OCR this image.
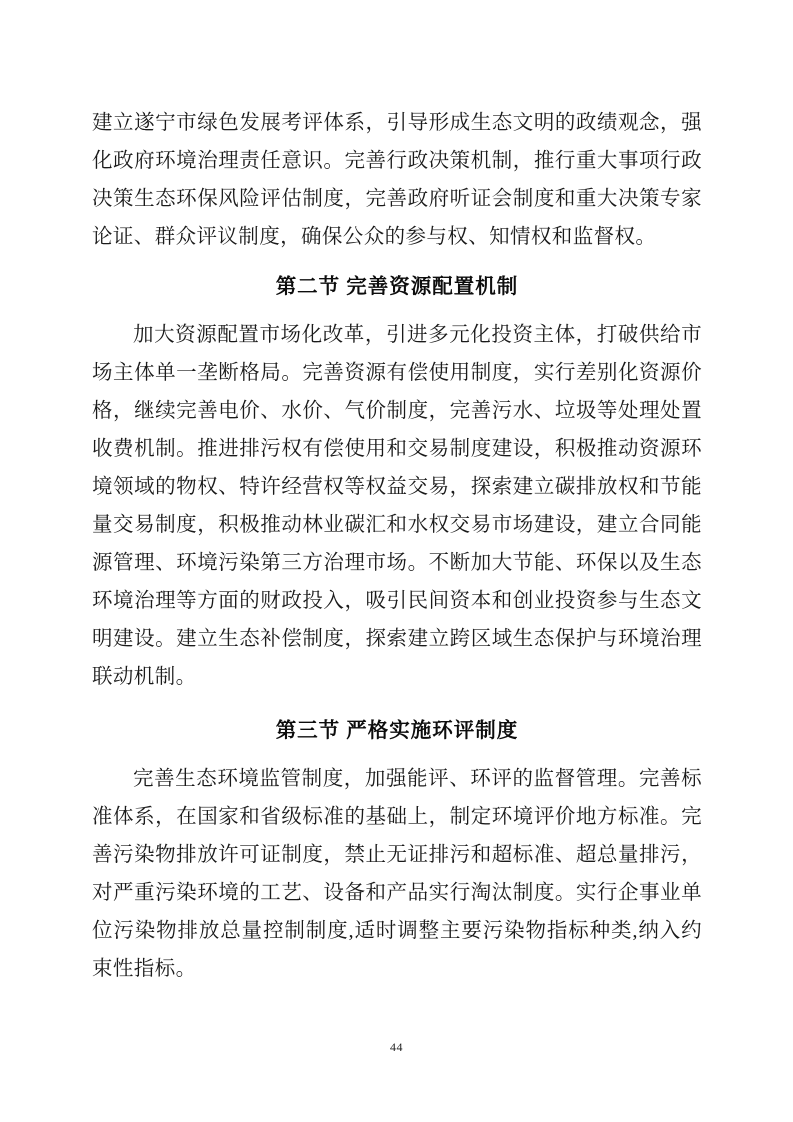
建立遂宁市绿色发展考评体系，引导形成生态文明的政绩观念，强化政府环境治理责任意识。完善行政决策机制，推行重大事项行政决策生态环保风险评估制度，完善政府听证会制度和重大决策专家论证、群众评议制度，确保公众的参与权、知情权和监督权。

第二节 完善资源配置机制

加大资源配置市场化改革，引进多元化投资主体，打破供给市场主体单一垄断格局。完善资源有偿使用制度，实行差别化资源价格，继续完善电价、水价、气价制度，完善污水、垃圾等处理处置收费机制。推进排污权有偿使用和交易制度建设，积极推动资源环境领域的物权、特许经营权等权益交易，探索建立碳排放权和节能量交易制度，积极推动林业碳汇和水权交易市场建设，建立合同能源管理、环境污染第三方治理市场。不断加大节能、环保以及生态环境治理等方面的财政投入，吸引民间资本和创业投资参与生态文明建设。建立生态补偿制度，探索建立跨区域生态保护与环境治理联动机制。

第三节 严格实施环评制度

完善生态环境监管制度，加强能评、环评的监督管理。完善标准体系，在国家和省级标准的基础上，制定环境评价地方标准。完善污染物排放许可证制度，禁止无证排污和超标准、超总量排污，对严重污染环境的工艺、设备和产品实行淘汰制度。实行企事业单位污染物排放总量控制制度,适时调整主要污染物指标种类,纳入约束性指标。

44
